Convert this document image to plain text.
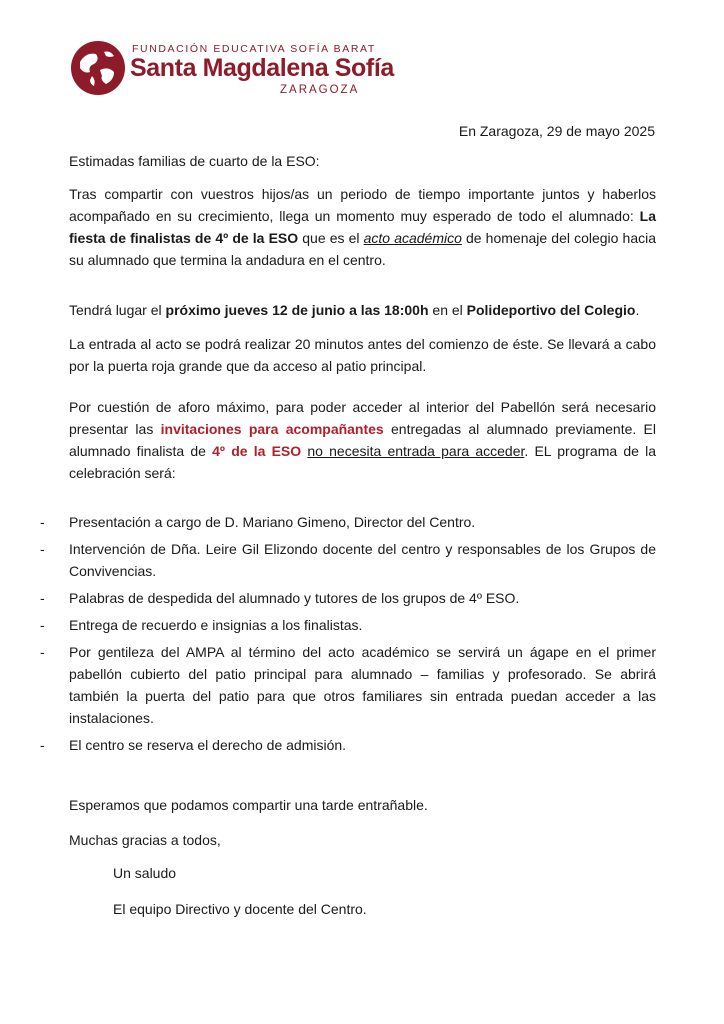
FUNDACIÓN EDUCATIVA SOFÍA BARAT
Santa Magdalena Sofía
ZARAGOZA
En Zaragoza, 29 de mayo 2025
Estimadas familias de cuarto de la ESO:
Tras compartir con vuestros hijos/as un periodo de tiempo importante juntos y haberlos acompañado en su crecimiento, llega un momento muy esperado de todo el alumnado: La fiesta de finalistas de 4º de la ESO que es el acto académico de homenaje del colegio hacia su alumnado que termina la andadura en el centro.
Tendrá lugar el próximo jueves 12 de junio a las 18:00h en el Polideportivo del Colegio.
La entrada al acto se podrá realizar 20 minutos antes del comienzo de éste. Se llevará a cabo por la puerta roja grande que da acceso al patio principal.
Por cuestión de aforo máximo, para poder acceder al interior del Pabellón será necesario presentar las invitaciones para acompañantes entregadas al alumnado previamente. El alumnado finalista de 4º de la ESO no necesita entrada para acceder. EL programa de la celebración será:
- Presentación a cargo de D. Mariano Gimeno, Director del Centro.
- Intervención de Dña. Leire Gil Elizondo docente del centro y responsables de los Grupos de Convivencias.
- Palabras de despedida del alumnado y tutores de los grupos de 4º ESO.
- Entrega de recuerdo e insignias a los finalistas.
- Por gentileza del AMPA al término del acto académico se servirá un ágape en el primer pabellón cubierto del patio principal para alumnado – familias y profesorado. Se abrirá también la puerta del patio para que otros familiares sin entrada puedan acceder a las instalaciones.
- El centro se reserva el derecho de admisión.
Esperamos que podamos compartir una tarde entrañable.
Muchas gracias a todos,
Un saludo
El equipo Directivo y docente del Centro.
